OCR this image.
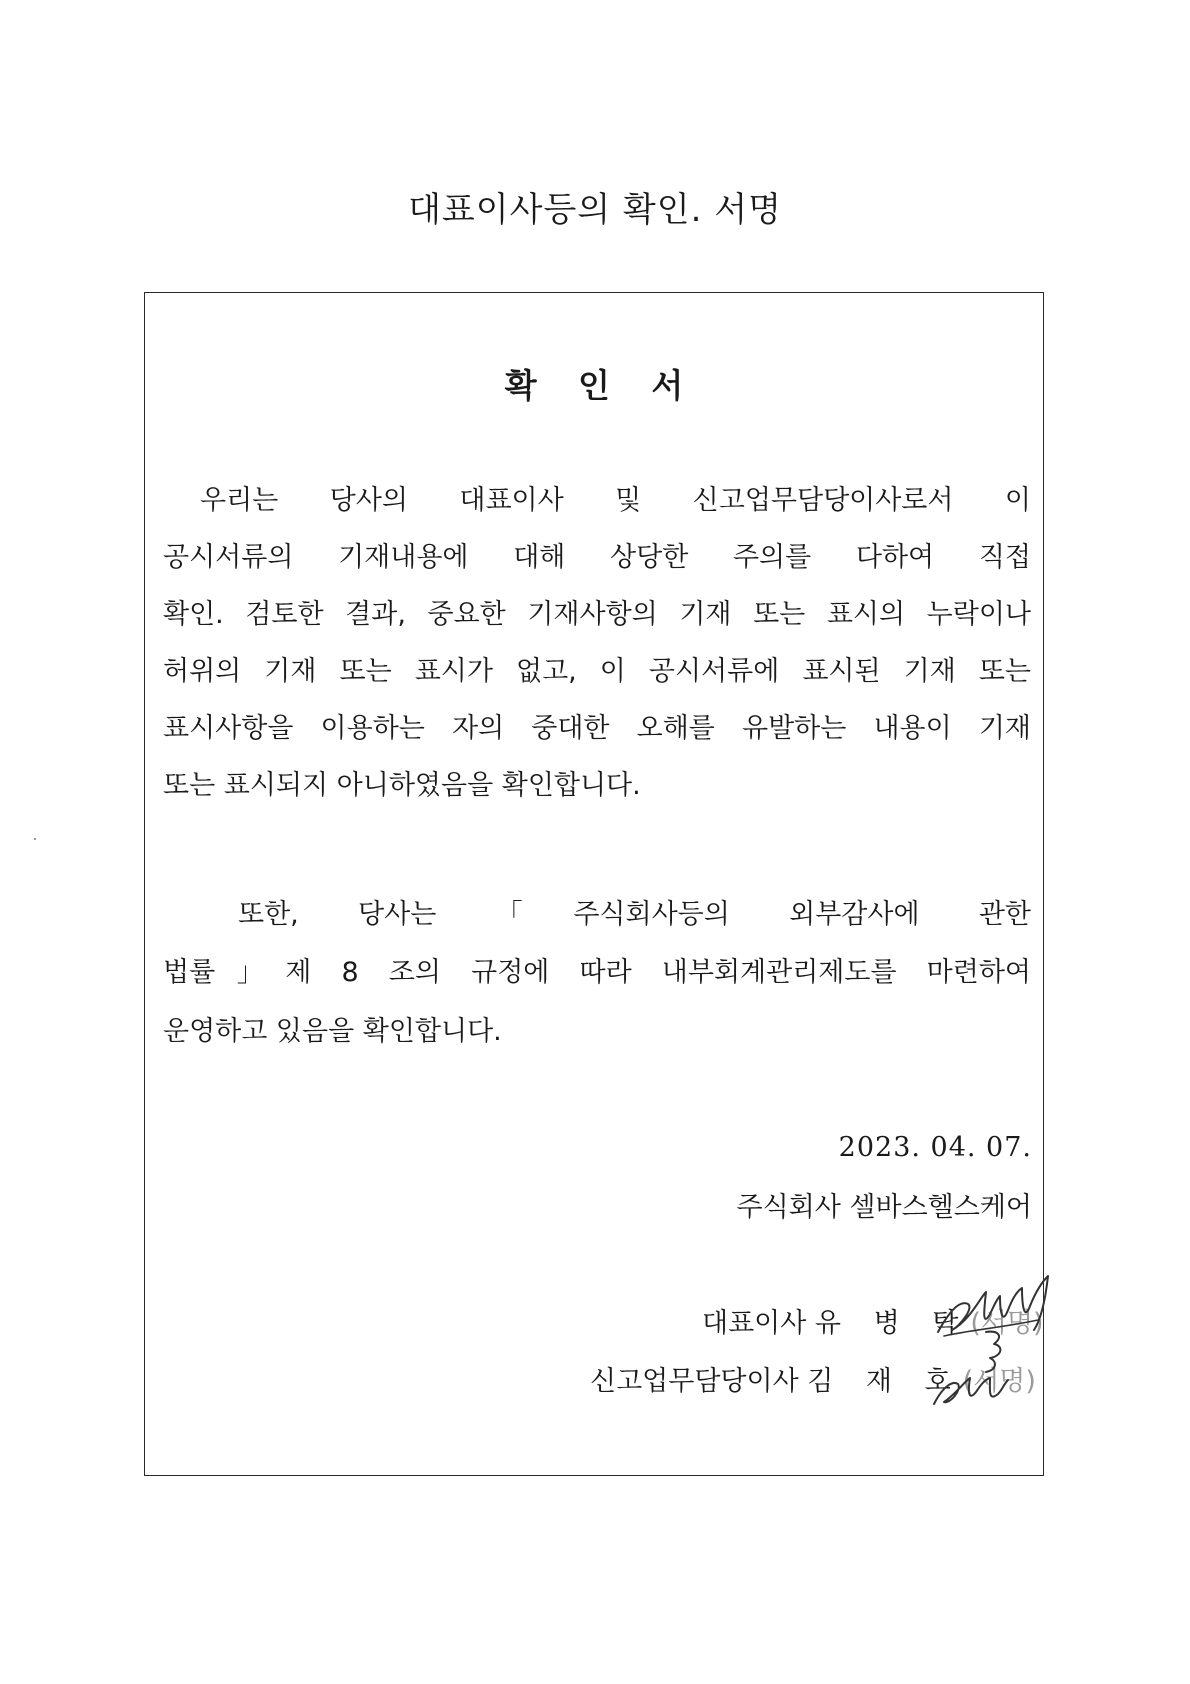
대표이사등의 확인. 서명
확 인 서
우리는 당사의 대표이사 및 신고업무담당이사로서 이
공시서류의 기재내용에 대해 상당한 주의를 다하여 직접
확인. 검토한 결과, 중요한 기재사항의 기재 또는 표시의 누락이나
허위의 기재 또는 표시가 없고, 이 공시서류에 표시된 기재 또는
표시사항을 이용하는 자의 중대한 오해를 유발하는 내용이 기재
또는 표시되지 아니하였음을 확인합니다.
또한, 당사는 「주식회사등의 외부감사에 관한
법률」제 8 조의 규정에 따라 내부회계관리제도를 마련하여
운영하고 있음을 확인합니다.
2023. 04. 07.
주식회사 셀바스헬스케어
대표이사 유 병 탁(서명)
신고업무담당이사 김 재 호(서명)
